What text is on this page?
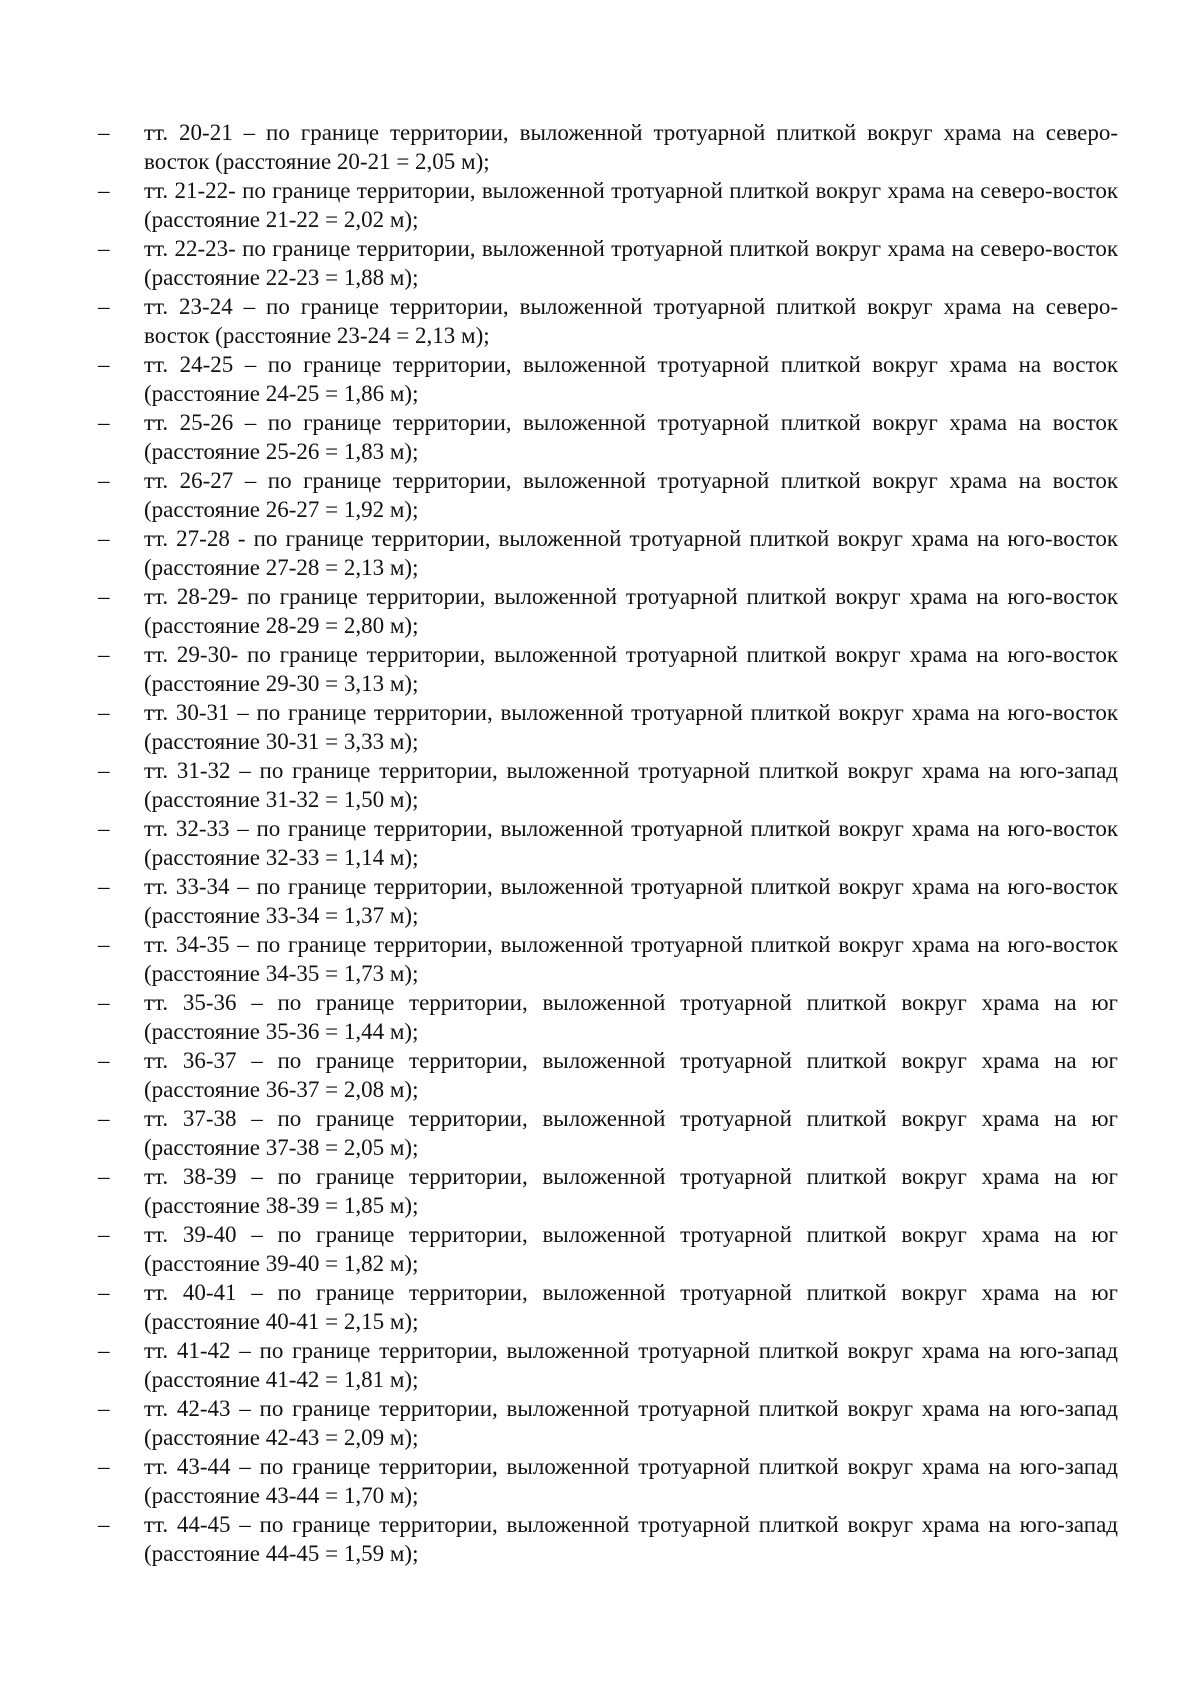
–	тт. 20-21 – по границе территории, выложенной тротуарной плиткой вокруг храма на северо-восток (расстояние 20-21 = 2,05 м);
–	тт. 21-22- по границе территории, выложенной тротуарной плиткой вокруг храма на северо-восток (расстояние 21-22 = 2,02 м);
–	тт. 22-23- по границе территории, выложенной тротуарной плиткой вокруг храма на северо-восток (расстояние 22-23 = 1,88 м);
–	тт. 23-24 – по границе территории, выложенной тротуарной плиткой вокруг храма на северо-восток (расстояние 23-24 = 2,13 м);
–	тт. 24-25 – по границе территории, выложенной тротуарной плиткой вокруг храма на восток (расстояние 24-25 = 1,86 м);
–	тт. 25-26 – по границе территории, выложенной тротуарной плиткой вокруг храма на восток (расстояние 25-26 = 1,83 м);
–	тт. 26-27 – по границе территории, выложенной тротуарной плиткой вокруг храма на восток (расстояние 26-27 = 1,92 м);
–	тт. 27-28 - по границе территории, выложенной тротуарной плиткой вокруг храма на юго-восток (расстояние 27-28 = 2,13 м);
–	тт. 28-29- по границе территории, выложенной тротуарной плиткой вокруг храма на юго-восток (расстояние 28-29 = 2,80 м);
–	тт. 29-30- по границе территории, выложенной тротуарной плиткой вокруг храма на юго-восток (расстояние 29-30 = 3,13 м);
–	тт. 30-31 – по границе территории, выложенной тротуарной плиткой вокруг храма на юго-восток (расстояние 30-31 = 3,33 м);
–	тт. 31-32 – по границе территории, выложенной тротуарной плиткой вокруг храма на юго-запад (расстояние 31-32 = 1,50 м);
–	тт. 32-33 – по границе территории, выложенной тротуарной плиткой вокруг храма на юго-восток (расстояние 32-33 = 1,14 м);
–	тт. 33-34 – по границе территории, выложенной тротуарной плиткой вокруг храма на юго-восток (расстояние 33-34 = 1,37 м);
–	тт. 34-35 – по границе территории, выложенной тротуарной плиткой вокруг храма на юго-восток (расстояние 34-35 = 1,73 м);
–	тт. 35-36 – по границе территории, выложенной тротуарной плиткой вокруг храма на юг (расстояние 35-36 = 1,44 м);
–	тт. 36-37 – по границе территории, выложенной тротуарной плиткой вокруг храма на юг (расстояние 36-37 = 2,08 м);
–	тт. 37-38 – по границе территории, выложенной тротуарной плиткой вокруг храма на юг (расстояние 37-38 = 2,05 м);
–	тт. 38-39 – по границе территории, выложенной тротуарной плиткой вокруг храма на юг (расстояние 38-39 = 1,85 м);
–	тт. 39-40 – по границе территории, выложенной тротуарной плиткой вокруг храма на юг (расстояние 39-40 = 1,82 м);
–	тт. 40-41 – по границе территории, выложенной тротуарной плиткой вокруг храма на юг (расстояние 40-41 = 2,15 м);
–	тт. 41-42 – по границе территории, выложенной тротуарной плиткой вокруг храма на юго-запад (расстояние 41-42 = 1,81 м);
–	тт. 42-43 – по границе территории, выложенной тротуарной плиткой вокруг храма на юго-запад (расстояние 42-43 = 2,09 м);
–	тт. 43-44 – по границе территории, выложенной тротуарной плиткой вокруг храма на юго-запад (расстояние 43-44 = 1,70 м);
–	тт. 44-45 – по границе территории, выложенной тротуарной плиткой вокруг храма на юго-запад (расстояние 44-45 = 1,59 м);
